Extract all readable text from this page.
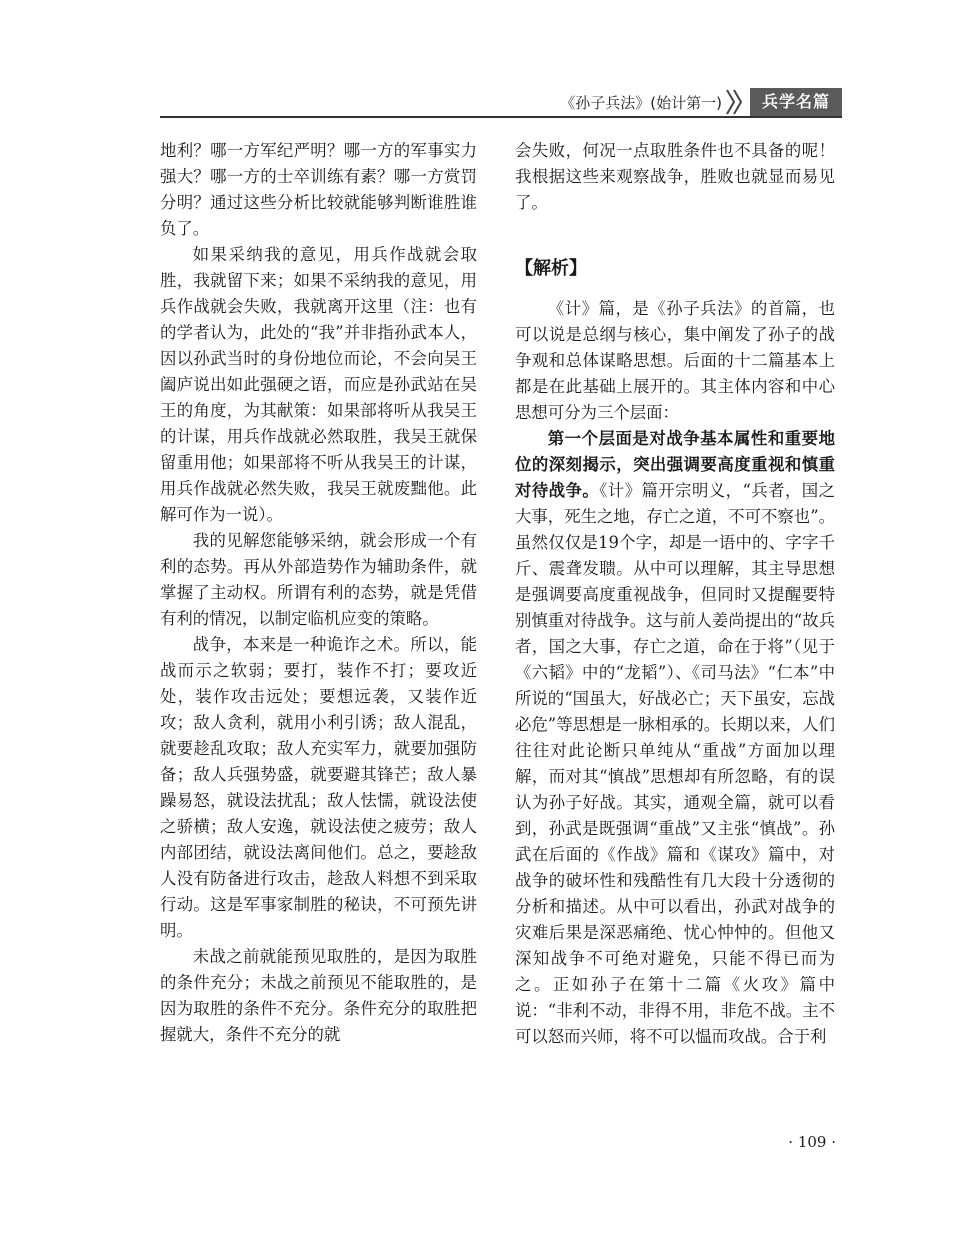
《孙子兵法》(始计第一)	兵学名篇

地利？哪一方军纪严明？哪一方的军事实力强大？哪一方的士卒训练有素？哪一方赏罚分明？通过这些分析比较就能够判断谁胜谁负了。

如果采纳我的意见，用兵作战就会取胜，我就留下来；如果不采纳我的意见，用兵作战就会失败，我就离开这里（注：也有的学者认为，此处的“我”并非指孙武本人，因以孙武当时的身份地位而论，不会向吴王阖庐说出如此强硬之语，而应是孙武站在吴王的角度，为其献策：如果部将听从我吴王的计谋，用兵作战就必然取胜，我吴王就保留重用他；如果部将不听从我吴王的计谋，用兵作战就必然失败，我吴王就废黜他。此解可作为一说）。

我的见解您能够采纳，就会形成一个有利的态势。再从外部造势作为辅助条件，就掌握了主动权。所谓有利的态势，就是凭借有利的情况，以制定临机应变的策略。

战争，本来是一种诡诈之术。所以，能战而示之软弱；要打，装作不打；要攻近处，装作攻击远处；要想远袭，又装作近攻；敌人贪利，就用小利引诱；敌人混乱，就要趁乱攻取；敌人充实军力，就要加强防备；敌人兵强势盛，就要避其锋芒；敌人暴躁易怒，就设法扰乱；敌人怯懦，就设法使之骄横；敌人安逸，就设法使之疲劳；敌人内部团结，就设法离间他们。总之，要趁敌人没有防备进行攻击，趁敌人料想不到采取行动。这是军事家制胜的秘诀，不可预先讲明。

未战之前就能预见取胜的，是因为取胜的条件充分；未战之前预见不能取胜的，是因为取胜的条件不充分。条件充分的取胜把握就大，条件不充分的就

会失败，何况一点取胜条件也不具备的呢！我根据这些来观察战争，胜败也就显而易见了。

【解析】

《计》篇，是《孙子兵法》的首篇，也可以说是总纲与核心，集中阐发了孙子的战争观和总体谋略思想。后面的十二篇基本上都是在此基础上展开的。其主体内容和中心思想可分为三个层面：

第一个层面是对战争基本属性和重要地位的深刻揭示，突出强调要高度重视和慎重对待战争。《计》篇开宗明义，“兵者，国之大事，死生之地，存亡之道，不可不察也”。虽然仅仅是19个字，却是一语中的、字字千斤、震聋发聩。从中可以理解，其主导思想是强调要高度重视战争，但同时又提醒要特别慎重对待战争。这与前人姜尚提出的“故兵者，国之大事，存亡之道，命在于将”（见于《六韬》中的“龙韬”）、《司马法》“仁本”中所说的“国虽大，好战必亡；天下虽安，忘战必危”等思想是一脉相承的。长期以来，人们往往对此论断只单纯从“重战”方面加以理解，而对其“慎战”思想却有所忽略，有的误认为孙子好战。其实，通观全篇，就可以看到，孙武是既强调“重战”又主张“慎战”。孙武在后面的《作战》篇和《谋攻》篇中，对战争的破坏性和残酷性有几大段十分透彻的分析和描述。从中可以看出，孙武对战争的灾难后果是深恶痛绝、忧心忡忡的。但他又深知战争不可绝对避免，只能不得已而为之。正如孙子在第十二篇《火攻》篇中说：“非利不动，非得不用，非危不战。主不可以怒而兴师，将不可以愠而攻战。合于利

· 109 ·
